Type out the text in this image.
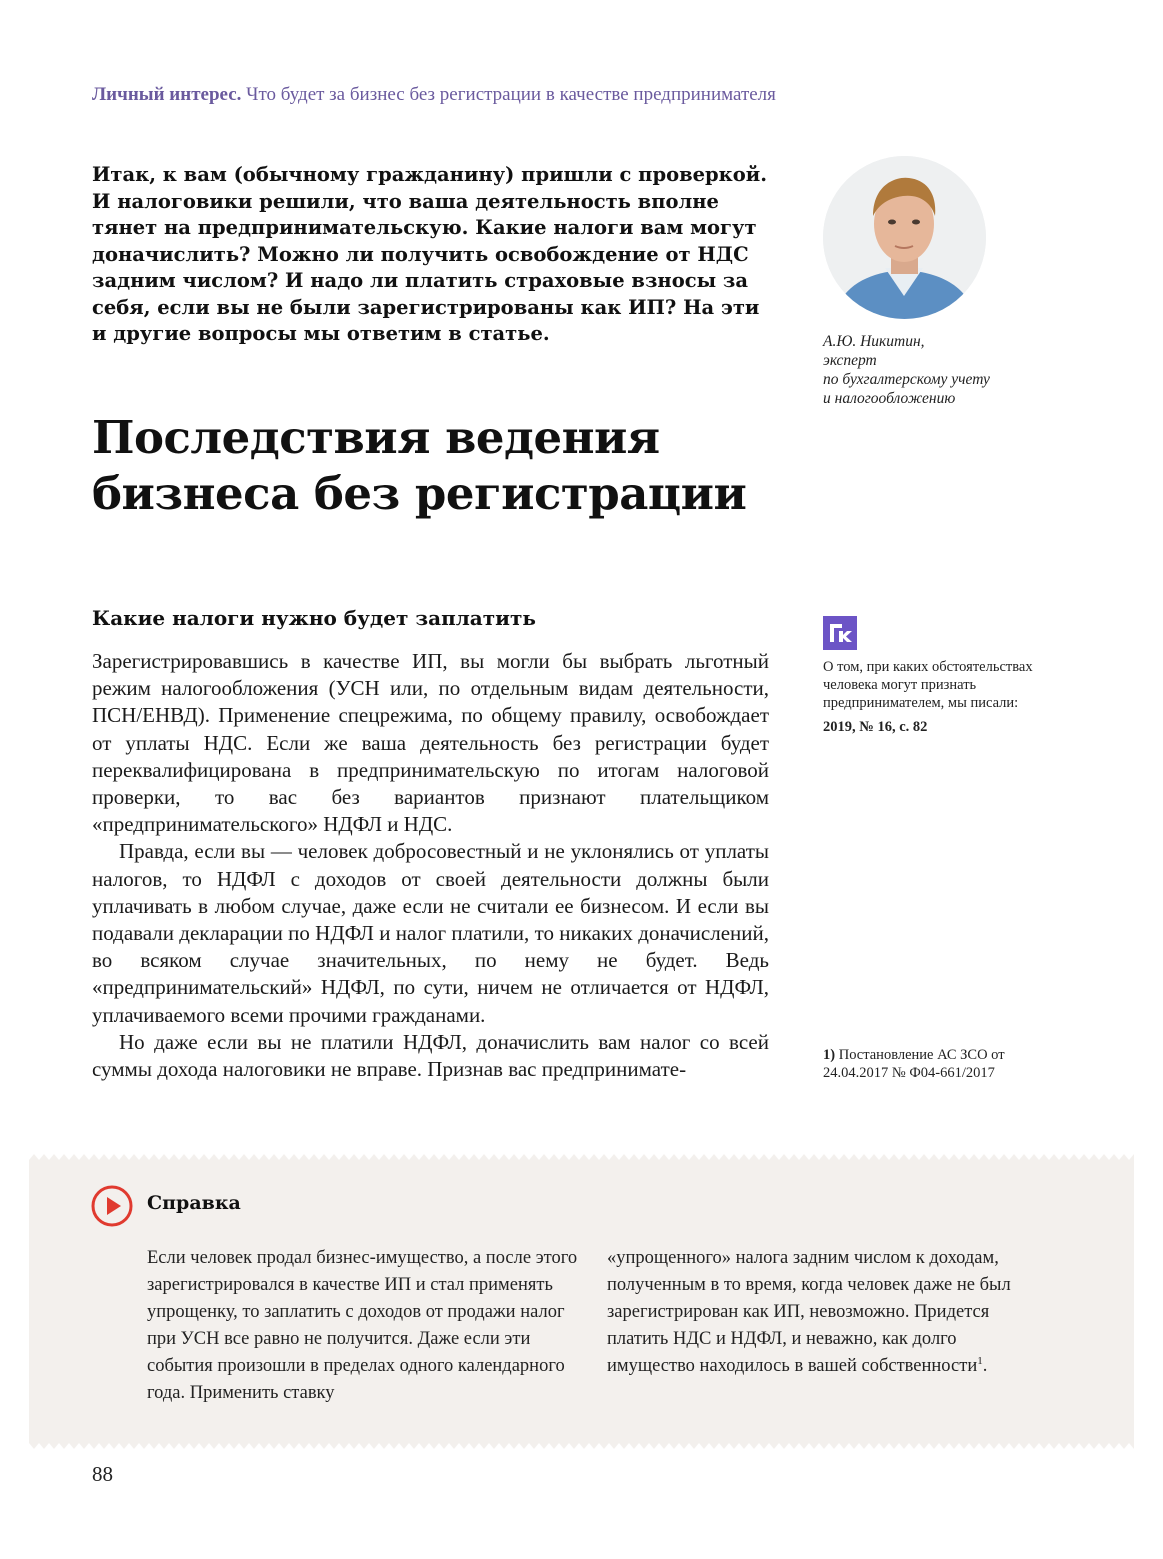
Личный интерес. Что будет за бизнес без регистрации в качестве предпринимателя
Итак, к вам (обычному гражданину) пришли с проверкой. И налоговики решили, что ваша деятельность вполне тянет на предпринимательскую. Какие налоги вам могут доначислить? Можно ли получить освобождение от НДС задним числом? И надо ли платить страховые взносы за себя, если вы не были зарегистрированы как ИП? На эти и другие вопросы мы ответим в статье.	А.Ю. Никитин,
эксперт
по бухгалтерскому учету
и налогообложению
Последствия ведения
бизнеса без регистрации
Какие налоги нужно будет заплатить

Зарегистрировавшись в качестве ИП, вы могли бы выбрать льготный режим налогообложения (УСН или, по отдельным видам деятельности, ПСН/ЕНВД). Применение спецрежима, по общему правилу, освобождает от уплаты НДС. Если же ваша деятельность без регистрации будет переквалифицирована в предпринимательскую по итогам налоговой проверки, то вас без вариантов признают плательщиком «предпринимательского» НДФЛ и НДС.

Правда, если вы — человек добросовестный и не уклонялись от уплаты налогов, то НДФЛ с доходов от своей деятельности должны были уплачивать в любом случае, даже если не считали ее бизнесом. И если вы подавали декларации по НДФЛ и налог платили, то никаких доначислений, во всяком случае значительных, по нему не будет. Ведь «предпринимательский» НДФЛ, по сути, ничем не отличается от НДФЛ, уплачиваемого всеми прочими гражданами.

Но даже если вы не платили НДФЛ, доначислить вам налог со всей суммы дохода налоговики не вправе. Признав вас предпринимате-

О том, при каких обстоятельствах человека могут признать предпринимателем, мы писали:
2019, № 16, с. 82
1) Постановление АС ЗСО от 24.04.2017 № Ф04-661/2017
Справка
Если человек продал бизнес-имущество, а после этого зарегистрировался в качестве ИП и стал применять упрощенку, то заплатить с доходов от продажи налог при УСН все равно не получится. Даже если эти события произошли в пределах одного календарного года. Применить ставку
«упрощенного» налога задним числом к доходам, полученным в то время, когда человек даже не был зарегистрирован как ИП, невозможно. Придется платить НДС и НДФЛ, и неважно, как долго имущество находилось в вашей собственности$^1$.
88
